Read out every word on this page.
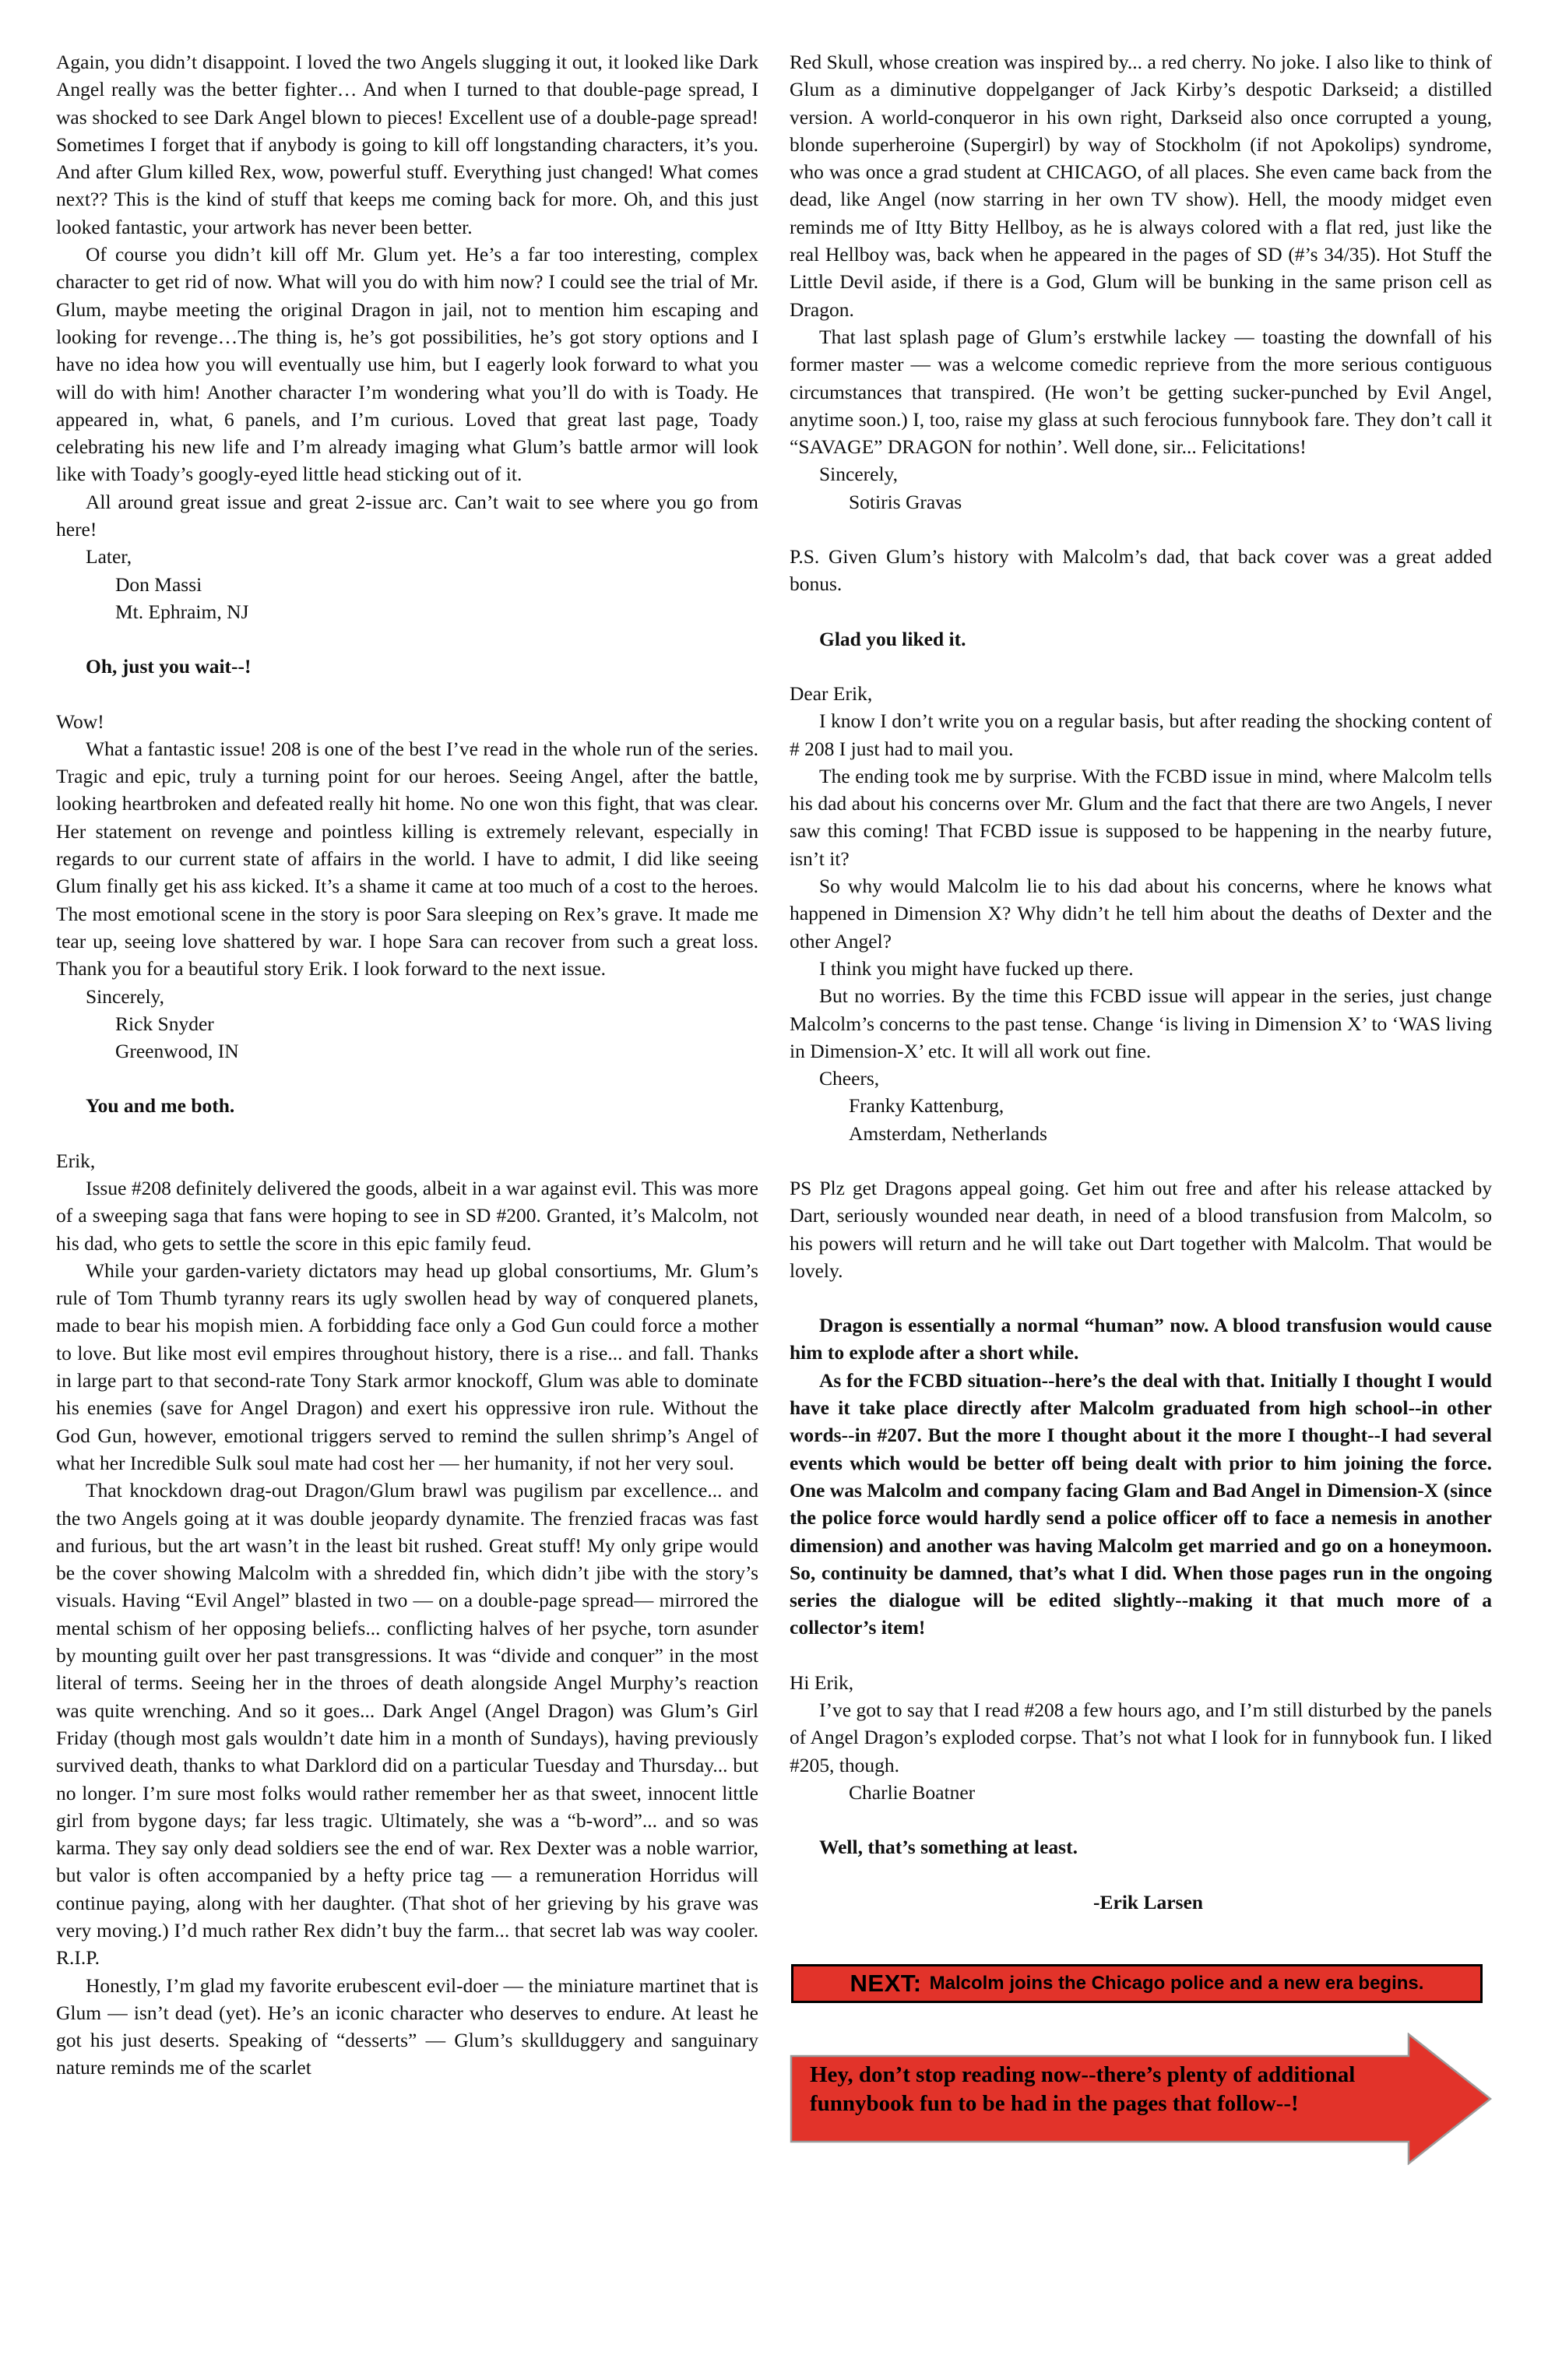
Again, you didn’t disappoint. I loved the two Angels slugging it out, it looked like Dark Angel really was the better fighter… And when I turned to that double-page spread, I was shocked to see Dark Angel blown to pieces! Excellent use of a double-page spread! Sometimes I forget that if anybody is going to kill off longstanding characters, it’s you. And after Glum killed Rex, wow, powerful stuff. Everything just changed! What comes next?? This is the kind of stuff that keeps me coming back for more. Oh, and this just looked fantastic, your artwork has never been better.

Of course you didn’t kill off Mr. Glum yet. He’s a far too interesting, complex character to get rid of now. What will you do with him now? I could see the trial of Mr. Glum, maybe meeting the original Dragon in jail, not to mention him escaping and looking for revenge…The thing is, he’s got possibilities, he’s got story options and I have no idea how you will eventually use him, but I eagerly look forward to what you will do with him! Another character I’m wondering what you’ll do with is Toady. He appeared in, what, 6 panels, and I’m curious. Loved that great last page, Toady celebrating his new life and I’m already imaging what Glum’s battle armor will look like with Toady’s googly-eyed little head sticking out of it.

All around great issue and great 2-issue arc. Can’t wait to see where you go from here!

Later,

Don Massi

Mt. Ephraim, NJ

Oh, just you wait--!

Wow!

What a fantastic issue! 208 is one of the best I’ve read in the whole run of the series. Tragic and epic, truly a turning point for our heroes. Seeing Angel, after the battle, looking heartbroken and defeated really hit home. No one won this fight, that was clear. Her statement on revenge and pointless killing is extremely relevant, especially in regards to our current state of affairs in the world. I have to admit, I did like seeing Glum finally get his ass kicked. It’s a shame it came at too much of a cost to the heroes. The most emotional scene in the story is poor Sara sleeping on Rex’s grave. It made me tear up, seeing love shattered by war. I hope Sara can recover from such a great loss. Thank you for a beautiful story Erik. I look forward to the next issue.

Sincerely,

Rick Snyder

Greenwood, IN

You and me both.

Erik,

Issue #208 definitely delivered the goods, albeit in a war against evil. This was more of a sweeping saga that fans were hoping to see in SD #200. Granted, it’s Malcolm, not his dad, who gets to settle the score in this epic family feud.

While your garden-variety dictators may head up global consortiums, Mr. Glum’s rule of Tom Thumb tyranny rears its ugly swollen head by way of conquered planets, made to bear his mopish mien. A forbidding face only a God Gun could force a mother to love. But like most evil empires throughout history, there is a rise... and fall. Thanks in large part to that second-rate Tony Stark armor knockoff, Glum was able to dominate his enemies (save for Angel Dragon) and exert his oppressive iron rule. Without the God Gun, however, emotional triggers served to remind the sullen shrimp’s Angel of what her Incredible Sulk soul mate had cost her — her humanity, if not her very soul.

That knockdown drag-out Dragon/Glum brawl was pugilism par excellence... and the two Angels going at it was double jeopardy dynamite. The frenzied fracas was fast and furious, but the art wasn’t in the least bit rushed. Great stuff! My only gripe would be the cover showing Malcolm with a shredded fin, which didn’t jibe with the story’s visuals. Having “Evil Angel” blasted in two — on a double-page spread— mirrored the mental schism of her opposing beliefs... conflicting halves of her psyche, torn asunder by mounting guilt over her past transgressions. It was “divide and conquer” in the most literal of terms. Seeing her in the throes of death alongside Angel Murphy’s reaction was quite wrenching. And so it goes... Dark Angel (Angel Dragon) was Glum’s Girl Friday (though most gals wouldn’t date him in a month of Sundays), having previously survived death, thanks to what Darklord did on a particular Tuesday and Thursday... but no longer. I’m sure most folks would rather remember her as that sweet, innocent little girl from bygone days; far less tragic. Ultimately, she was a “b-word”... and so was karma. They say only dead soldiers see the end of war. Rex Dexter was a noble warrior, but valor is often accompanied by a hefty price tag — a remuneration Horridus will continue paying, along with her daughter. (That shot of her grieving by his grave was very moving.) I’d much rather Rex didn’t buy the farm... that secret lab was way cooler. R.I.P.

Honestly, I’m glad my favorite erubescent evil-doer — the miniature martinet that is Glum — isn’t dead (yet). He’s an iconic character who deserves to endure. At least he got his just deserts. Speaking of “desserts” — Glum’s skullduggery and sanguinary nature reminds me of the scarlet

Red Skull, whose creation was inspired by... a red cherry. No joke. I also like to think of Glum as a diminutive doppelganger of Jack Kirby’s despotic Darkseid; a distilled version. A world-conqueror in his own right, Darkseid also once corrupted a young, blonde superheroine (Supergirl) by way of Stockholm (if not Apokolips) syndrome, who was once a grad student at CHICAGO, of all places. She even came back from the dead, like Angel (now starring in her own TV show). Hell, the moody midget even reminds me of Itty Bitty Hellboy, as he is always colored with a flat red, just like the real Hellboy was, back when he appeared in the pages of SD (#’s 34/35). Hot Stuff the Little Devil aside, if there is a God, Glum will be bunking in the same prison cell as Dragon.

That last splash page of Glum’s erstwhile lackey — toasting the downfall of his former master — was a welcome comedic reprieve from the more serious contiguous circumstances that transpired. (He won’t be getting sucker-punched by Evil Angel, anytime soon.) I, too, raise my glass at such ferocious funnybook fare. They don’t call it “SAVAGE” DRAGON for nothin’. Well done, sir... Felicitations!

Sincerely,

Sotiris Gravas

P.S. Given Glum’s history with Malcolm’s dad, that back cover was a great added bonus.

Glad you liked it.

Dear Erik,

I know I don’t write you on a regular basis, but after reading the shocking content of # 208 I just had to mail you.

The ending took me by surprise. With the FCBD issue in mind, where Malcolm tells his dad about his concerns over Mr. Glum and the fact that there are two Angels, I never saw this coming! That FCBD issue is supposed to be happening in the nearby future, isn’t it?

So why would Malcolm lie to his dad about his concerns, where he knows what happened in Dimension X? Why didn’t he tell him about the deaths of Dexter and the other Angel?

I think you might have fucked up there.

But no worries. By the time this FCBD issue will appear in the series, just change Malcolm’s concerns to the past tense. Change ‘is living in Dimension X’ to ‘WAS living in Dimension-X’ etc. It will all work out fine.

Cheers,

Franky Kattenburg,

Amsterdam, Netherlands

PS Plz get Dragons appeal going. Get him out free and after his release attacked by Dart, seriously wounded near death, in need of a blood transfusion from Malcolm, so his powers will return and he will take out Dart together with Malcolm. That would be lovely.

Dragon is essentially a normal “human” now. A blood transfusion would cause him to explode after a short while.

As for the FCBD situation--here’s the deal with that. Initially I thought I would have it take place directly after Malcolm graduated from high school--in other words--in #207. But the more I thought about it the more I thought--I had several events which would be better off being dealt with prior to him joining the force. One was Malcolm and company facing Glam and Bad Angel in Dimension-X (since the police force would hardly send a police officer off to face a nemesis in another dimension) and another was having Malcolm get married and go on a honeymoon. So, continuity be damned, that’s what I did. When those pages run in the ongoing series the dialogue will be edited slightly--making it that much more of a collector’s item!

Hi Erik,

I’ve got to say that I read #208 a few hours ago, and I’m still disturbed by the panels of Angel Dragon’s exploded corpse. That’s not what I look for in funnybook fun. I liked #205, though.

Charlie Boatner

Well, that’s something at least.

-Erik Larsen

NEXT: Malcolm joins the Chicago police and a new era begins.
Hey, don’t stop reading now--there’s plenty of additional funnybook fun to be had in the pages that follow--!
